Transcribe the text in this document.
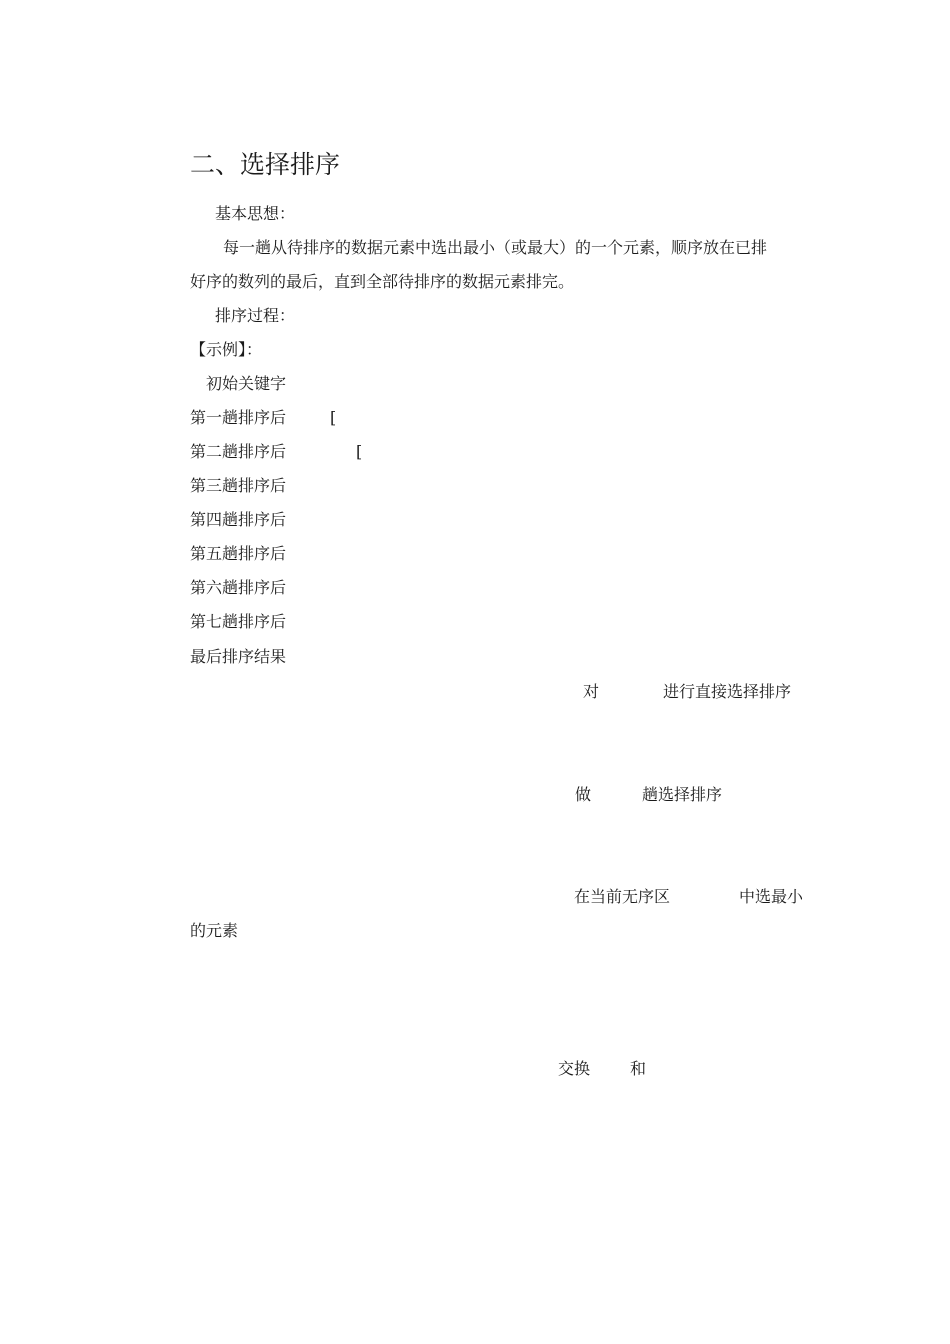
二、选择排序
基本思想：
每一趟从待排序的数据元素中选出最小（或最大）的一个元素，顺序放在已排
好序的数列的最后，直到全部待排序的数据元素排完。
排序过程：
【示例】：
初始关键字
第一趟排序后	[
第二趟排序后	[
第三趟排序后
第四趟排序后
第五趟排序后
第六趟排序后
第七趟排序后
最后排序结果
对	进行直接选择排序
做	趟选择排序
在当前无序区	中选最小
的元素
交换 和
